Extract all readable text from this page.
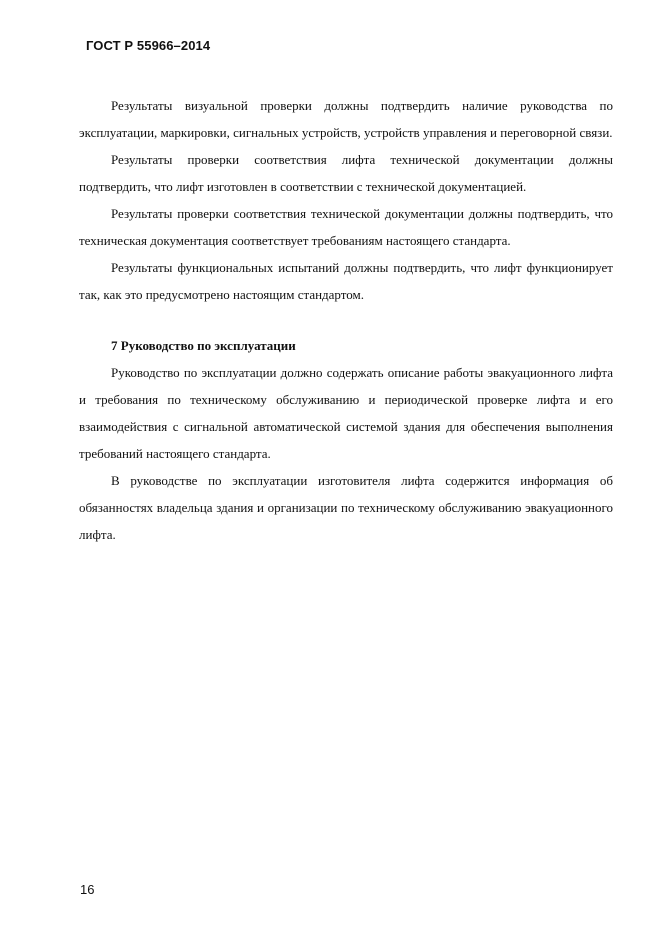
ГОСТ Р 55966–2014

Результаты визуальной проверки должны подтвердить наличие руководства по эксплуатации, маркировки, сигнальных устройств, устройств управления и переговорной связи.

Результаты проверки соответствия лифта технической документации должны подтвердить, что лифт изготовлен в соответствии с технической документацией.

Результаты проверки соответствия технической документации должны подтвердить, что техническая документация соответствует требованиям настоящего стандарта.

Результаты функциональных испытаний должны подтвердить, что лифт функционирует так, как это предусмотрено настоящим стандартом.

7 Руководство по эксплуатации

Руководство по эксплуатации должно содержать описание работы эвакуационного лифта и требования по техническому обслуживанию и периодической проверке лифта и его взаимодействия с сигнальной автоматической системой здания для обеспечения выполнения требований настоящего стандарта.

В руководстве по эксплуатации изготовителя лифта содержится информация об обязанностях владельца здания и организации по техническому обслуживанию эвакуационного лифта.

16
